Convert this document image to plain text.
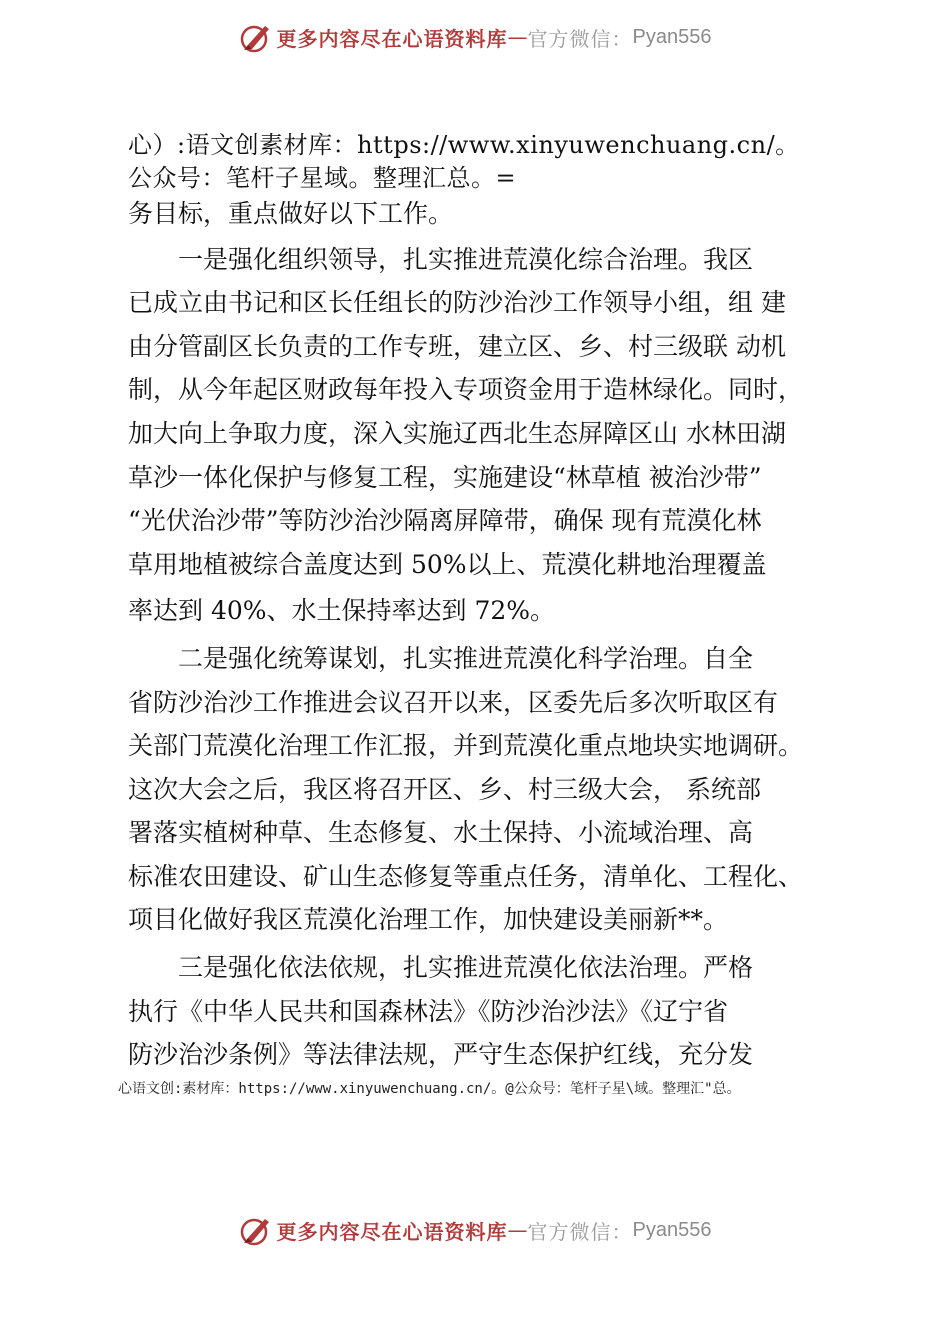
更多内容尽在心语资料库 — 官方微信： Pyan556
心）:语文创素材库：https://www.xinyuwenchuang.cn/。
公众号：笔杆子星域。整理汇总。=
务目标，重点做好以下工作。
　　一是强化组织领导，扎实推进荒漠化综合治理。我区
已成立由书记和区长任组长的防沙治沙工作领导小组，组 建
由分管副区长负责的工作专班，建立区、乡、村三级联 动机
制，从今年起区财政每年投入专项资金用于造林绿化。同时，
加大向上争取力度，深入实施辽西北生态屏障区山 水林田湖
草沙一体化保护与修复工程，实施建设“林草植 被治沙带”
“光伏治沙带”等防沙治沙隔离屏障带，确保 现有荒漠化林
草用地植被综合盖度达到 50%以上、荒漠化耕地治理覆盖
率达到 40%、水土保持率达到 72%。
　　二是强化统筹谋划，扎实推进荒漠化科学治理。自全
省防沙治沙工作推进会议召开以来，区委先后多次听取区有
关部门荒漠化治理工作汇报，并到荒漠化重点地块实地调研。
这次大会之后，我区将召开区、乡、村三级大会， 系统部
署落实植树种草、生态修复、水土保持、小流域治理、高
标准农田建设、矿山生态修复等重点任务，清单化、工程化、
项目化做好我区荒漠化治理工作，加快建设美丽新**。
　　三是强化依法依规，扎实推进荒漠化依法治理。严格
执行《中华人民共和国森林法》《防沙治沙法》《辽宁省
防沙治沙条例》等法律法规，严守生态保护红线，充分发
心语文创:素材库：https://www.xinyuwenchuang.cn/。@公众号：笔杆子星\域。整理汇"总。
更多内容尽在心语资料库 — 官方微信： Pyan556
